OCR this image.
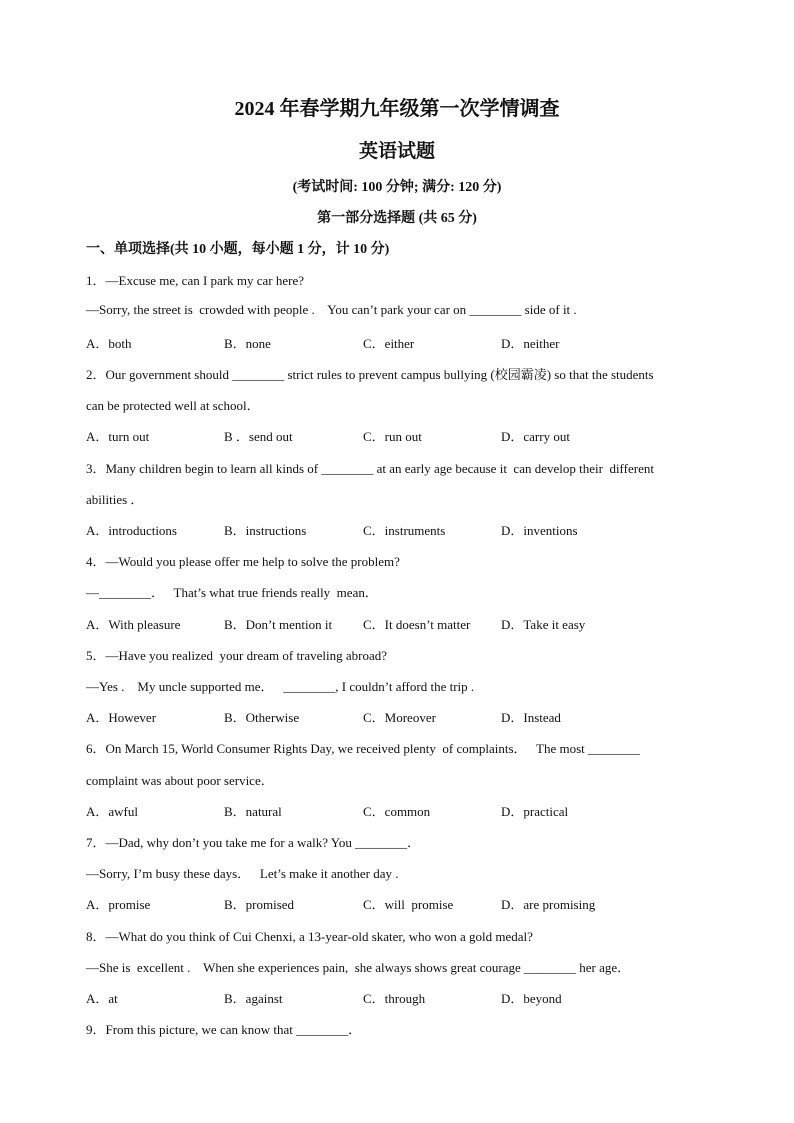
2024 年春学期九年级第一次学情调查
英语试题
(考试时间: 100 分钟; 满分: 120 分)
第一部分选择题 (共 65 分)
一、单项选择(共 10 小题，每小题 1 分，计 10 分)
1．—Excuse me, can I park my car here?
—Sorry, the street is  crowded with people .    You can’t park your car on ________ side of it .
A．both	B．none	C．either	D．neither
2．Our government should ________ strict rules to prevent campus bullying (校园霸凌) so that the students
can be protected well at school．
A．turn out	B ．send out	C．run out	D．carry out
3．Many children begin to learn all kinds of ________ at an early age because it  can develop their  different
abilities ．
A．introductions	B．instructions	C．instruments	D．inventions
4．—Would you please offer me help to solve the problem?
—________．   That’s what true friends really  mean．
A．With pleasure	B．Don’t mention it C．It doesn’t matter D．Take it easy
5．—Have you realized  your dream of traveling abroad?
—Yes .    My uncle supported me．   ________, I couldn’t afford the trip .
A．However	B．Otherwise	C．Moreover	D．Instead
6．On March 15, World Consumer Rights Day, we received plenty  of complaints．   The most ________
complaint was about poor service．
A．awful	B．natural	C．common	D．practical
7．—Dad, why don’t you take me for a walk? You ________．
—Sorry, I’m busy these days．   Let’s make it another day .
A．promise	B．promised	C．will  promise	D．are promising
8．—What do you think of Cui Chenxi, a 13-year-old skater, who won a gold medal?
—She is  excellent .    When she experiences pain,  she always shows great courage ________ her age．
A．at	B．against	C．through	D．beyond
9．From this picture, we can know that ________．
